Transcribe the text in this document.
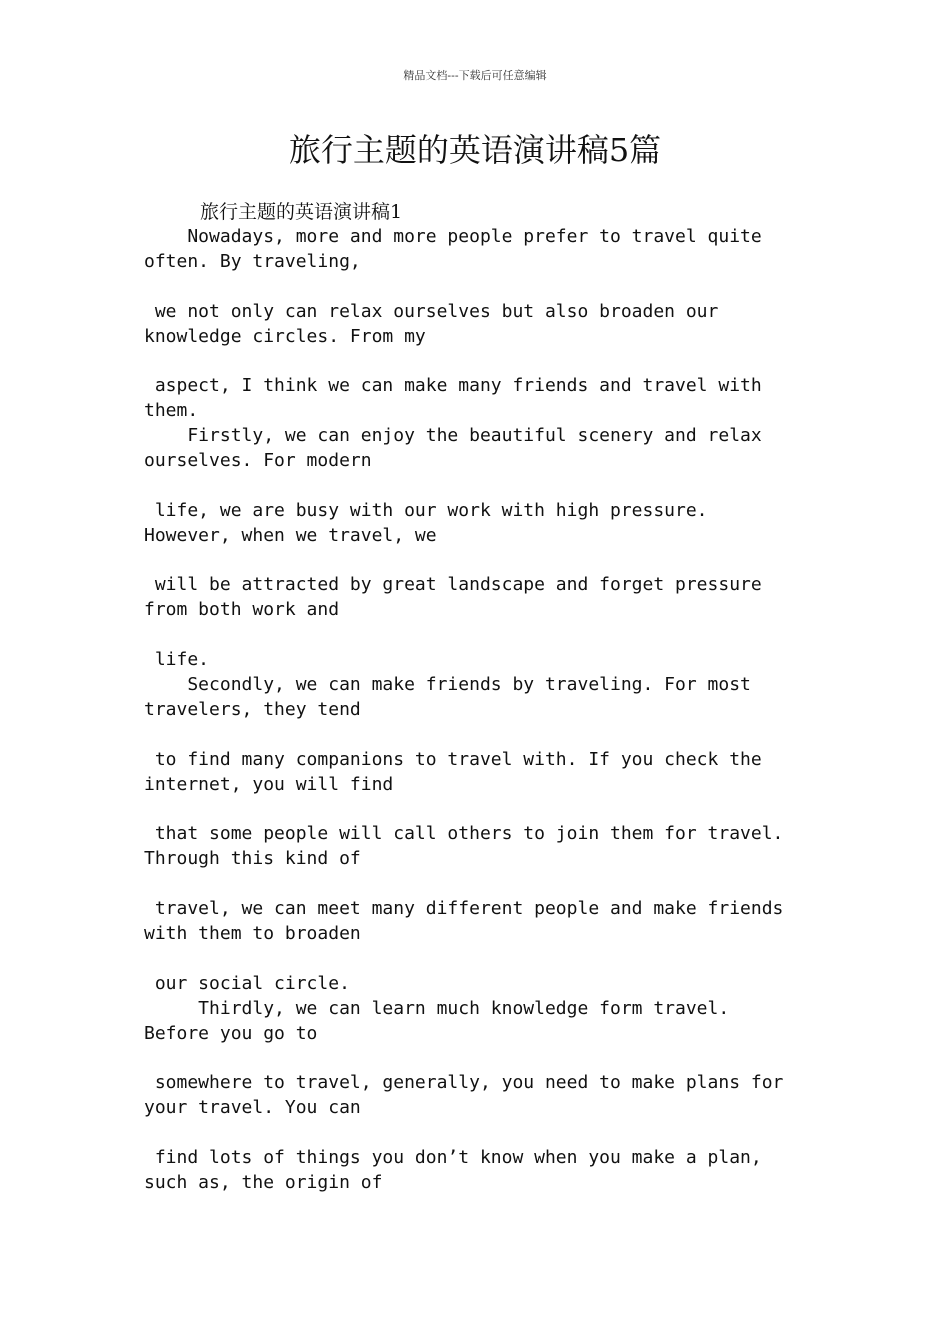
精品文档---下载后可任意编辑
旅行主题的英语演讲稿5篇
旅行主题的英语演讲稿1
Nowadays, more and more people prefer to travel quite
often. By traveling,
we not only can relax ourselves but also broaden our
knowledge circles. From my
aspect, I think we can make many friends and travel with
them.
Firstly, we can enjoy the beautiful scenery and relax
ourselves. For modern
life, we are busy with our work with high pressure.
However, when we travel, we
will be attracted by great landscape and forget pressure
from both work and
life.
Secondly, we can make friends by traveling. For most
travelers, they tend
to find many companions to travel with. If you check the
internet, you will find
that some people will call others to join them for travel.
Through this kind of
travel, we can meet many different people and make friends
with them to broaden
our social circle.
Thirdly, we can learn much knowledge form travel.
Before you go to
somewhere to travel, generally, you need to make plans for
your travel. You can
find lots of things you don’t know when you make a plan,
such as, the origin of
